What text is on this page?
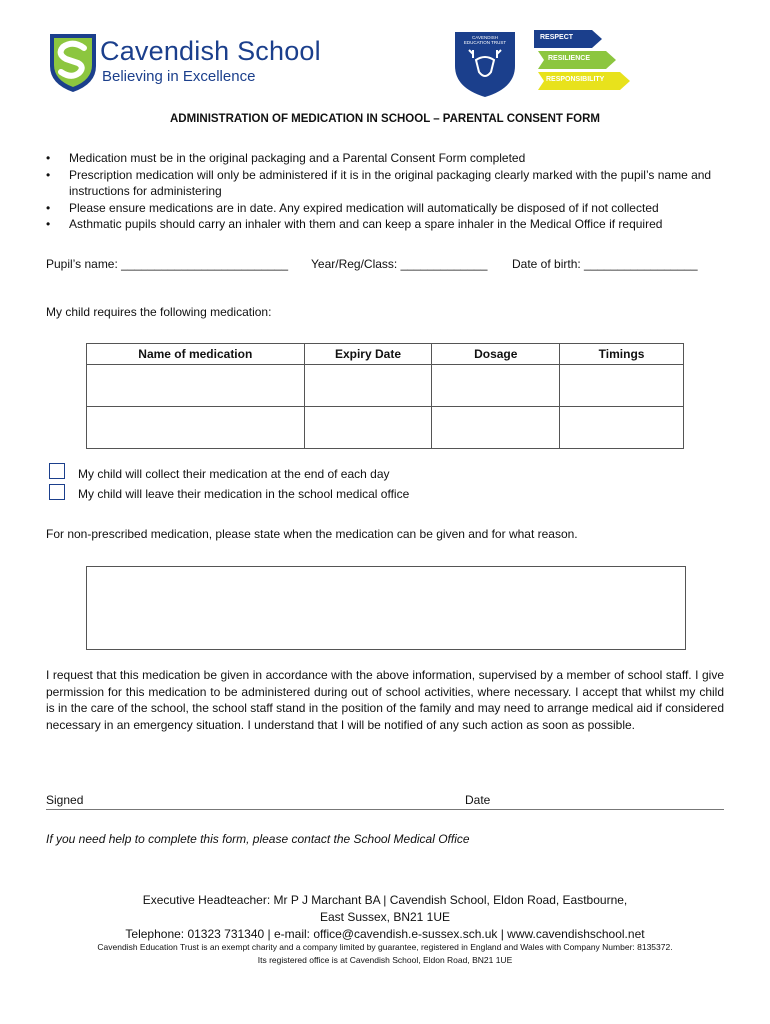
Cavendish School
Believing in Excellence
CAVENDISH EDUCATION TRUST
RESPECT
RESILIENCE
RESPONSIBILITY
ADMINISTRATION OF MEDICATION IN SCHOOL – PARENTAL CONSENT FORM
• Medication must be in the original packaging and a Parental Consent Form completed
• Prescription medication will only be administered if it is in the original packaging clearly marked with the pupil’s name and instructions for administering
• Please ensure medications are in date. Any expired medication will automatically be disposed of if not collected
• Asthmatic pupils should carry an inhaler with them and can keep a spare inhaler in the Medical Office if required
Pupil’s name: _________________________ Year/Reg/Class: _____________ Date of birth: _________________
My child requires the following medication:
Name of medication	Expiry Date	Dosage	Timings

My child will collect their medication at the end of each day
My child will leave their medication in the school medical office
For non-prescribed medication, please state when the medication can be given and for what reason.
I request that this medication be given in accordance with the above information, supervised by a member of school staff. I give permission for this medication to be administered during out of school activities, where necessary. I accept that whilst my child is in the care of the school, the school staff stand in the position of the family and may need to arrange medical aid if considered necessary in an emergency situation. I understand that I will be notified of any such action as soon as possible.
Signed	Date
If you need help to complete this form, please contact the School Medical Office
Executive Headteacher: Mr P J Marchant BA | Cavendish School, Eldon Road, Eastbourne,
East Sussex, BN21 1UE
Telephone: 01323 731340 | e-mail: office@cavendish.e-sussex.sch.uk | www.cavendishschool.net
Cavendish Education Trust is an exempt charity and a company limited by guarantee, registered in England and Wales with Company Number: 8135372.
Its registered office is at Cavendish School, Eldon Road, BN21 1UE
